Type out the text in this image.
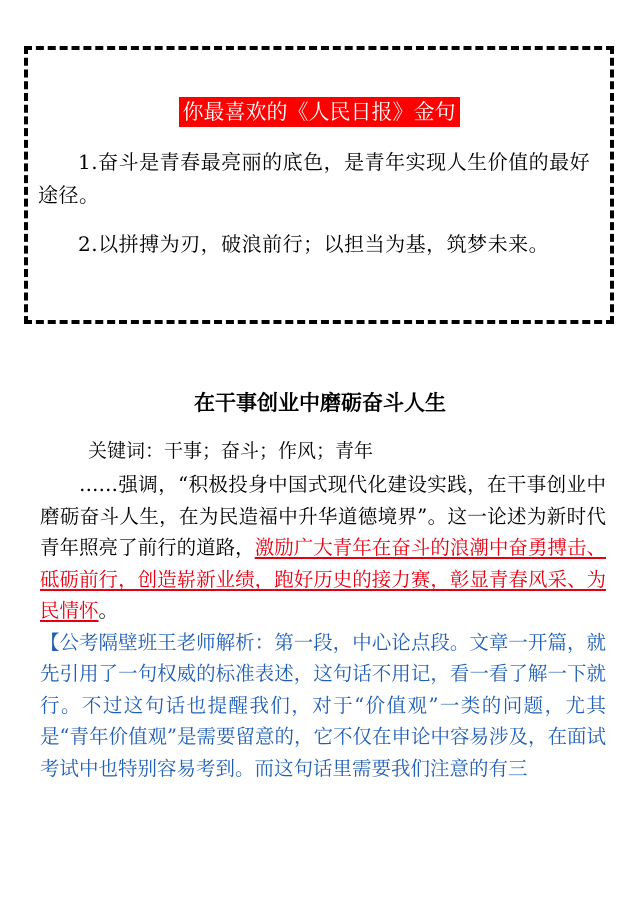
你最喜欢的《人民日报》金句

1.奋斗是青春最亮丽的底色，是青年实现人生价值的最好途径。

2.以拼搏为刃，破浪前行；以担当为基，筑梦未来。

在干事创业中磨砺奋斗人生

关键词：干事；奋斗；作风；青年

……强调，“积极投身中国式现代化建设实践，在干事创业中磨砺奋斗人生，在为民造福中升华道德境界”。这一论述为新时代青年照亮了前行的道路，激励广大青年在奋斗的浪潮中奋勇搏击、砥砺前行，创造崭新业绩，跑好历史的接力赛，彰显青春风采、为民情怀。
【公考隔壁班王老师解析：第一段，中心论点段。文章一开篇，就先引用了一句权威的标准表述，这句话不用记，看一看了解一下就行。不过这句话也提醒我们，对于“价值观”一类的问题，尤其是“青年价值观”是需要留意的，它不仅在申论中容易涉及，在面试考试中也特别容易考到。而这句话里需要我们注意的有三
